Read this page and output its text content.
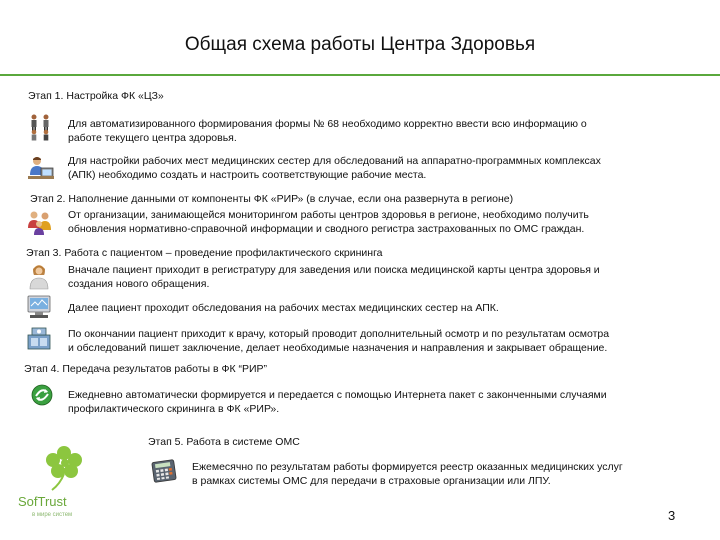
Общая схема работы Центра Здоровья
Этап 1. Настройка ФК «ЦЗ»
Для автоматизированного формирования формы № 68 необходимо корректно ввести всю информацию о
работе текущего центра здоровья.
Для настройки рабочих мест медицинских сестер для обследований на аппаратно-программных комплексах
(АПК) необходимо создать и настроить соответствующие рабочие места.
Этап 2. Наполнение данными от компоненты ФК «РИР» (в случае, если она развернута в регионе)
От организации, занимающейся мониторингом работы центров здоровья в регионе, необходимо получить
обновления нормативно-справочной информации и сводного регистра застрахованных по ОМС граждан.
Этап 3. Работа с пациентом – проведение профилактического скрининга
Вначале пациент приходит в регистратуру для заведения или поиска медицинской карты центра здоровья и
создания нового обращения.
Далее пациент проходит обследования на рабочих местах медицинских сестер на АПК.
По окончании пациент приходит к врачу, который проводит дополнительный осмотр и по результатам осмотра
и обследований пишет заключение, делает необходимые назначения и направления и закрывает обращение.
Этап 4. Передача результатов работы в ФК “РИР”
Ежедневно автоматически формируется и передается с помощью Интернета пакет с законченными случаями
профилактического скрининга в ФК «РИР».
Этап 5. Работа в системе ОМС
Ежемесячно по результатам работы формируется реестр оказанных медицинских услуг
в рамках системы ОМС для передачи в страховые организации или ЛПУ.
SofTrust
в мире систем	3
